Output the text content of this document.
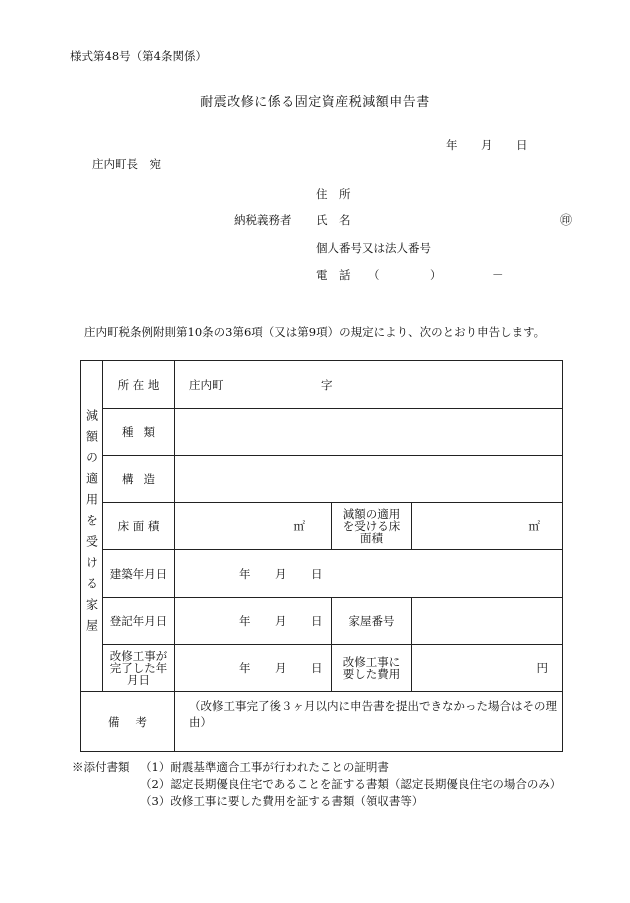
様式第48号（第4条関係）
耐震改修に係る固定資産税減額申告書
年 月 日
庄内町長　宛
住　所
納税義務者 氏　名	㊞
個人番号又は法人番号
電　話 （	）	－
庄内町税条例附則第10条の3第6項（又は第9項）の規定により、次のとおり申告します。
減額の適用を受ける家屋	所 在 地	庄内町 字		

	種類			
	構造			
	床 面 積	㎡	減額の適用を受ける床面積	㎡

	建築年月日	年 月 日		

	登記年月日	年 月 日	家屋番号	
	改修工事が完了した年月日	年 月 日	改修工事に要した費用	円

備考		（改修工事完了後３ヶ月以内に申告書を提出できなかった場合はその理由）		
※添付書類 （1）耐震基準適合工事が行われたことの証明書
（2）認定長期優良住宅であることを証する書類（認定長期優良住宅の場合のみ）
（3）改修工事に要した費用を証する書類（領収書等）
